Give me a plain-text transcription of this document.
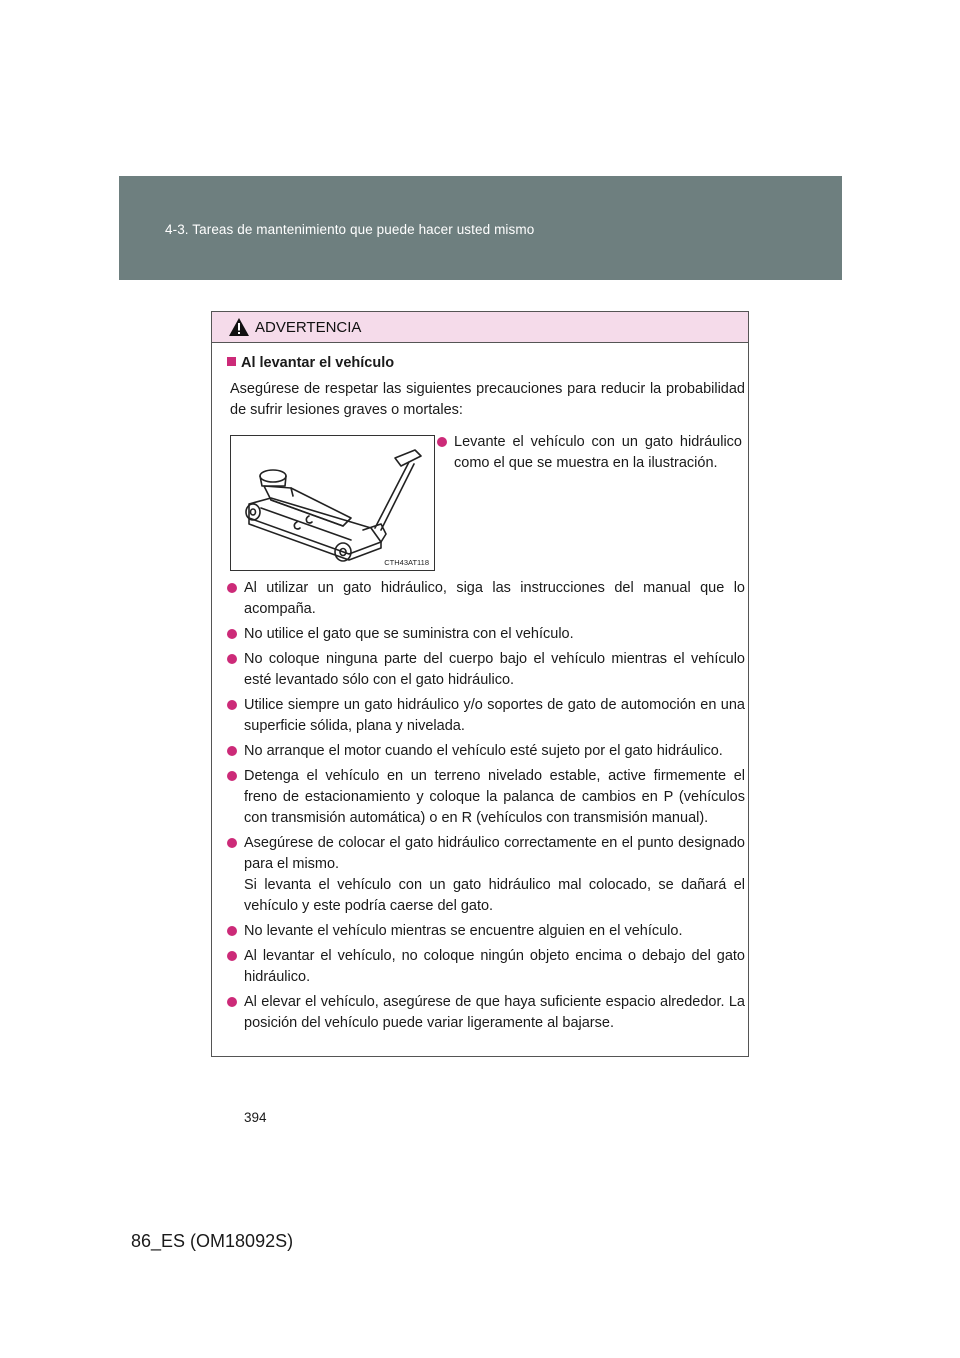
4-3. Tareas de mantenimiento que puede hacer usted mismo
ADVERTENCIA
Al levantar el vehículo
Asegúrese de respetar las siguientes precauciones para reducir la probabilidad de sufrir lesiones graves o mortales:
CTH43AT118
Levante el vehículo con un gato hidráulico como el que se muestra en la ilustración.
Al utilizar un gato hidráulico, siga las instrucciones del manual que lo acompaña.
No utilice el gato que se suministra con el vehículo.
No coloque ninguna parte del cuerpo bajo el vehículo mientras el vehículo esté levantado sólo con el gato hidráulico.
Utilice siempre un gato hidráulico y/o soportes de gato de automoción en una superficie sólida, plana y nivelada.
No arranque el motor cuando el vehículo esté sujeto por el gato hidráulico.
Detenga el vehículo en un terreno nivelado estable, active firmemente el freno de estacionamiento y coloque la palanca de cambios en P (vehículos con transmisión automática) o en R (vehículos con transmisión manual).
Asegúrese de colocar el gato hidráulico correctamente en el punto designado para el mismo.
Si levanta el vehículo con un gato hidráulico mal colocado, se dañará el vehículo y este podría caerse del gato.
No levante el vehículo mientras se encuentre alguien en el vehículo.
Al levantar el vehículo, no coloque ningún objeto encima o debajo del gato hidráulico.
Al elevar el vehículo, asegúrese de que haya suficiente espacio alrededor. La posición del vehículo puede variar ligeramente al bajarse.
394
86_ES (OM18092S)
